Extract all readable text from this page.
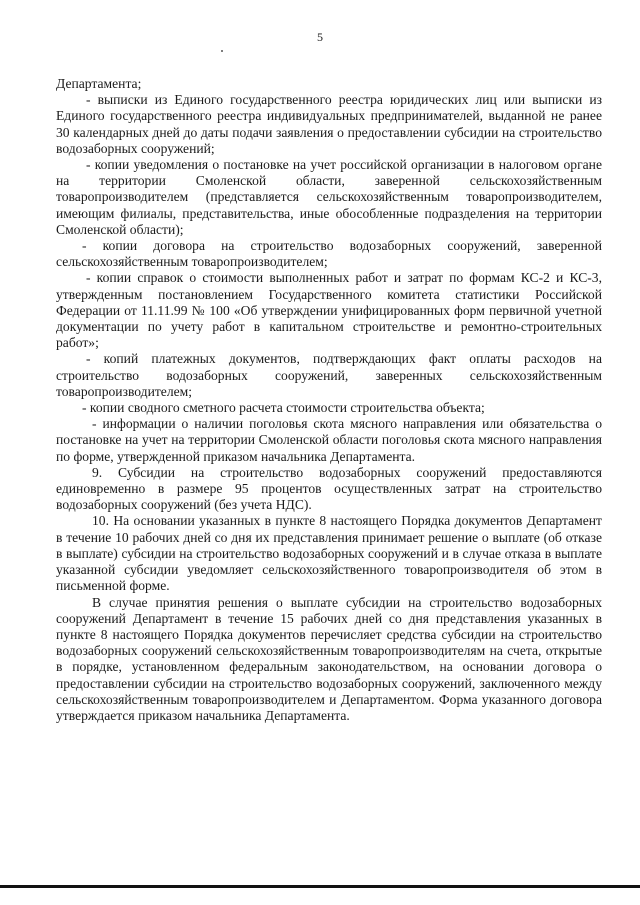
5

Департамента;

- выписки из Единого государственного реестра юридических лиц или выписки из Единого государственного реестра индивидуальных предпринимателей, выданной не ранее 30 календарных дней до даты подачи заявления о предоставлении субсидии на строительство водозаборных сооружений;

- копии уведомления о постановке на учет российской организации в налоговом органе на территории Смоленской области, заверенной сельскохозяйственным товаропроизводителем (представляется сельскохозяйственным товаропроизводителем, имеющим филиалы, представительства, иные обособленные подразделения на территории Смоленской области);

- копии договора на строительство водозаборных сооружений, заверенной сельскохозяйственным товаропроизводителем;

- копии справок о стоимости выполненных работ и затрат по формам КС-2 и КС-3, утвержденным постановлением Государственного комитета статистики Российской Федерации от 11.11.99 № 100 «Об утверждении унифицированных форм первичной учетной документации по учету работ в капитальном строительстве и ремонтно-строительных работ»;

- копий платежных документов, подтверждающих факт оплаты расходов на строительство водозаборных сооружений, заверенных сельскохозяйственным товаропроизводителем;

- копии сводного сметного расчета стоимости строительства объекта;

- информации о наличии поголовья скота мясного направления или обязательства о постановке на учет на территории Смоленской области поголовья скота мясного направления по форме, утвержденной приказом начальника Департамента.

9. Субсидии на строительство водозаборных сооружений предоставляются единовременно в размере 95 процентов осуществленных затрат на строительство водозаборных сооружений (без учета НДС).

10. На основании указанных в пункте 8 настоящего Порядка документов Департамент в течение 10 рабочих дней со дня их представления принимает решение о выплате (об отказе в выплате) субсидии на строительство водозаборных сооружений и в случае отказа в выплате указанной субсидии уведомляет сельскохозяйственного товаропроизводителя об этом в письменной форме.

В случае принятия решения о выплате субсидии на строительство водозаборных сооружений Департамент в течение 15 рабочих дней со дня представления указанных в пункте 8 настоящего Порядка документов перечисляет средства субсидии на строительство водозаборных сооружений сельскохозяйственным товаропроизводителям на счета, открытые в порядке, установленном федеральным законодательством, на основании договора о предоставлении субсидии на строительство водозаборных сооружений, заключенного между сельскохозяйственным товаропроизводителем и Департаментом. Форма указанного договора утверждается приказом начальника Департамента.
